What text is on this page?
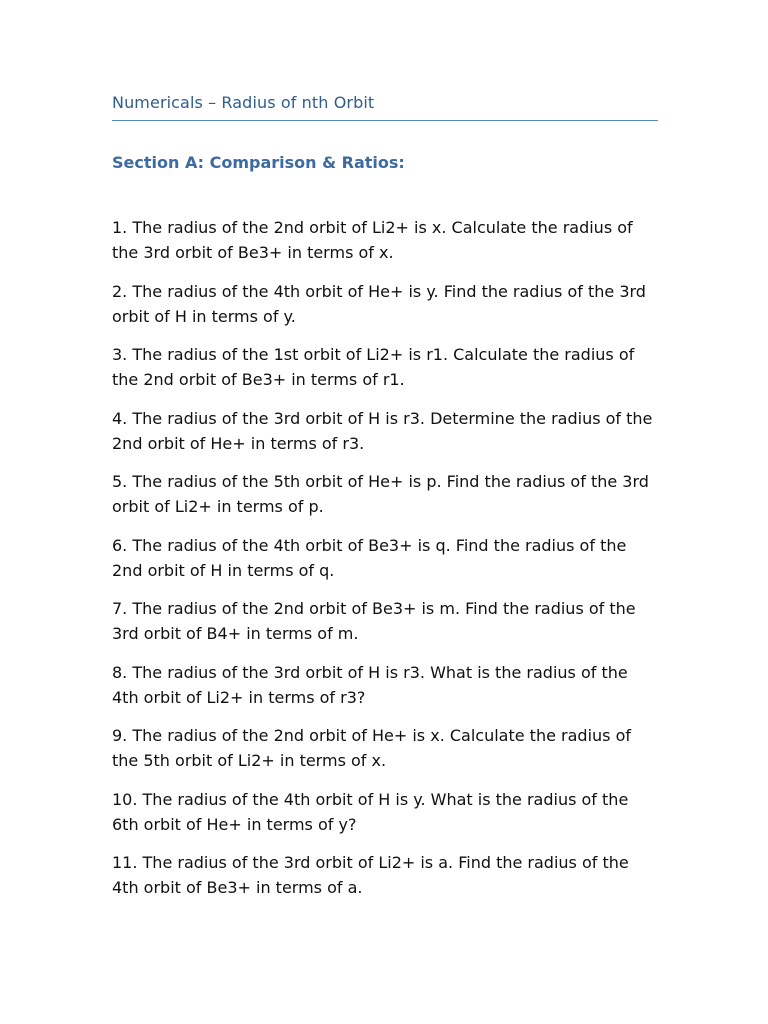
Numericals – Radius of nth Orbit
Section A: Comparison & Ratios:
1. The radius of the 2nd orbit of Li2+ is x. Calculate the radius of the 3rd orbit of Be3+ in terms of x.
2. The radius of the 4th orbit of He+ is y. Find the radius of the 3rd orbit of H in terms of y.
3. The radius of the 1st orbit of Li2+ is r1. Calculate the radius of the 2nd orbit of Be3+ in terms of r1.
4. The radius of the 3rd orbit of H is r3. Determine the radius of the 2nd orbit of He+ in terms of r3.
5. The radius of the 5th orbit of He+ is p. Find the radius of the 3rd orbit of Li2+ in terms of p.
6. The radius of the 4th orbit of Be3+ is q. Find the radius of the 2nd orbit of H in terms of q.
7. The radius of the 2nd orbit of Be3+ is m. Find the radius of the 3rd orbit of B4+ in terms of m.
8. The radius of the 3rd orbit of H is r3. What is the radius of the 4th orbit of Li2+ in terms of r3?
9. The radius of the 2nd orbit of He+ is x. Calculate the radius of the 5th orbit of Li2+ in terms of x.
10. The radius of the 4th orbit of H is y. What is the radius of the 6th orbit of He+ in terms of y?
11. The radius of the 3rd orbit of Li2+ is a. Find the radius of the 4th orbit of Be3+ in terms of a.
